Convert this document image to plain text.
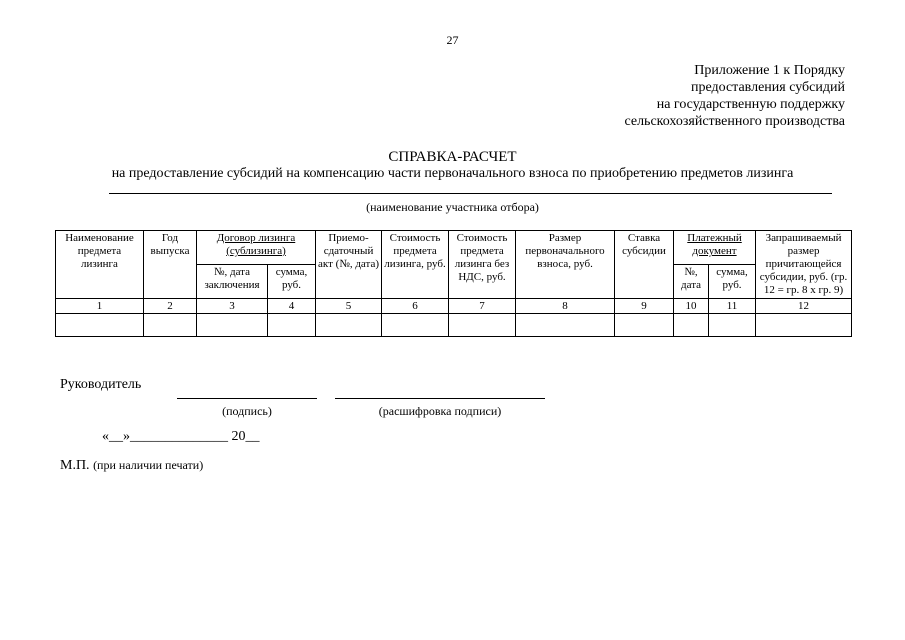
27
Приложение 1 к Порядку
предоставления субсидий
на государственную поддержку
сельскохозяйственного производства
СПРАВКА-РАСЧЕТ
на предоставление субсидий на компенсацию части первоначального взноса по приобретению предметов лизинга
(наименование участника отбора)
Наименование предмета лизинга	Год выпуска	Договор лизинга (сублизинга)		Приемо-сдаточный акт (№, дата)	Стоимость предмета лизинга, руб.	Стоимость предмета лизинга без НДС, руб.	Размер первоначального взноса, руб.	Ставка субсидии	Платежный документ		Запрашиваемый размер причитающейся субсидии, руб. (гр. 12 = гр. 8 х гр. 9)
		№, дата заключения	сумма, руб.						№, дата	сумма, руб.	
1	2	3	4	5	6	7	8	9	10	11	12

Руководитель
(подпись)	(расшифровка подписи)
«__»______________ 20__
М.П. (при наличии печати)
